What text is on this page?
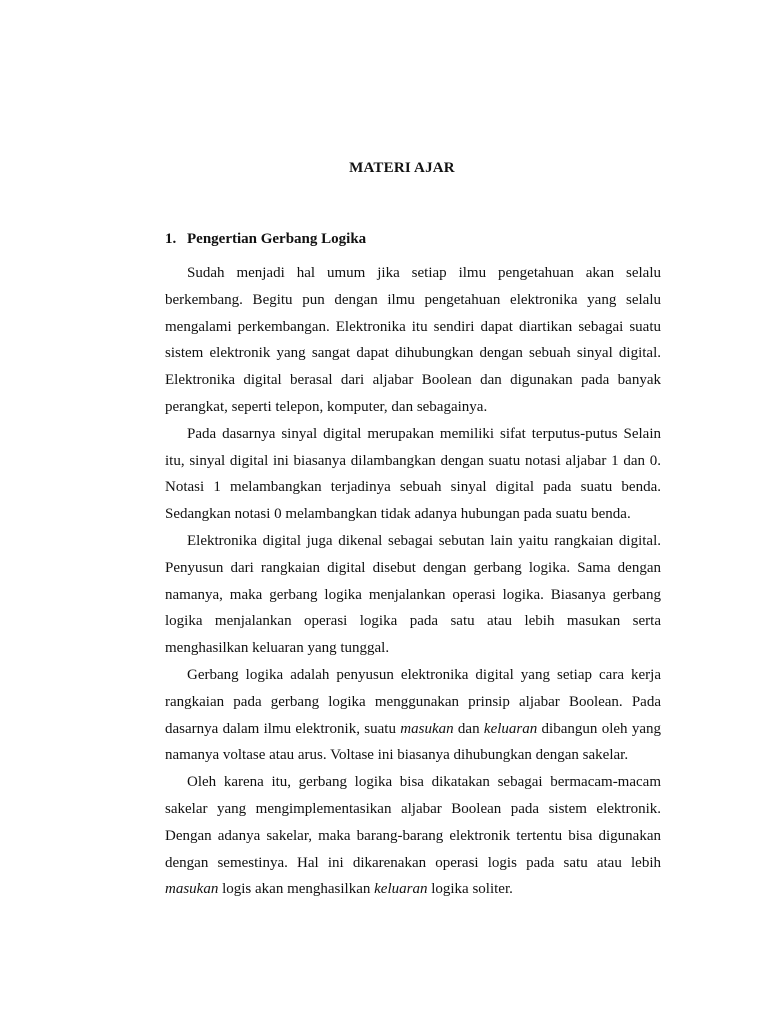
MATERI AJAR
1. Pengertian Gerbang Logika

Sudah menjadi hal umum jika setiap ilmu pengetahuan akan selalu berkembang. Begitu pun dengan ilmu pengetahuan elektronika yang selalu mengalami perkembangan. Elektronika itu sendiri dapat diartikan sebagai suatu sistem elektronik yang sangat dapat dihubungkan dengan sebuah sinyal digital. Elektronika digital berasal dari aljabar Boolean dan digunakan pada banyak perangkat, seperti telepon, komputer, dan sebagainya.

Pada dasarnya sinyal digital merupakan memiliki sifat terputus-putus Selain itu, sinyal digital ini biasanya dilambangkan dengan suatu notasi aljabar 1 dan 0. Notasi 1 melambangkan terjadinya sebuah sinyal digital pada suatu benda. Sedangkan notasi 0 melambangkan tidak adanya hubungan pada suatu benda.

Elektronika digital juga dikenal sebagai sebutan lain yaitu rangkaian digital. Penyusun dari rangkaian digital disebut dengan gerbang logika. Sama dengan namanya, maka gerbang logika menjalankan operasi logika. Biasanya gerbang logika menjalankan operasi logika pada satu atau lebih masukan serta menghasilkan keluaran yang tunggal.

Gerbang logika adalah penyusun elektronika digital yang setiap cara kerja rangkaian pada gerbang logika menggunakan prinsip aljabar Boolean. Pada dasarnya dalam ilmu elektronik, suatu masukan dan keluaran dibangun oleh yang namanya voltase atau arus. Voltase ini biasanya dihubungkan dengan sakelar.

Oleh karena itu, gerbang logika bisa dikatakan sebagai bermacam-macam sakelar yang mengimplementasikan aljabar Boolean pada sistem elektronik. Dengan adanya sakelar, maka barang-barang elektronik tertentu bisa digunakan dengan semestinya. Hal ini dikarenakan operasi logis pada satu atau lebih masukan logis akan menghasilkan keluaran logika soliter.
